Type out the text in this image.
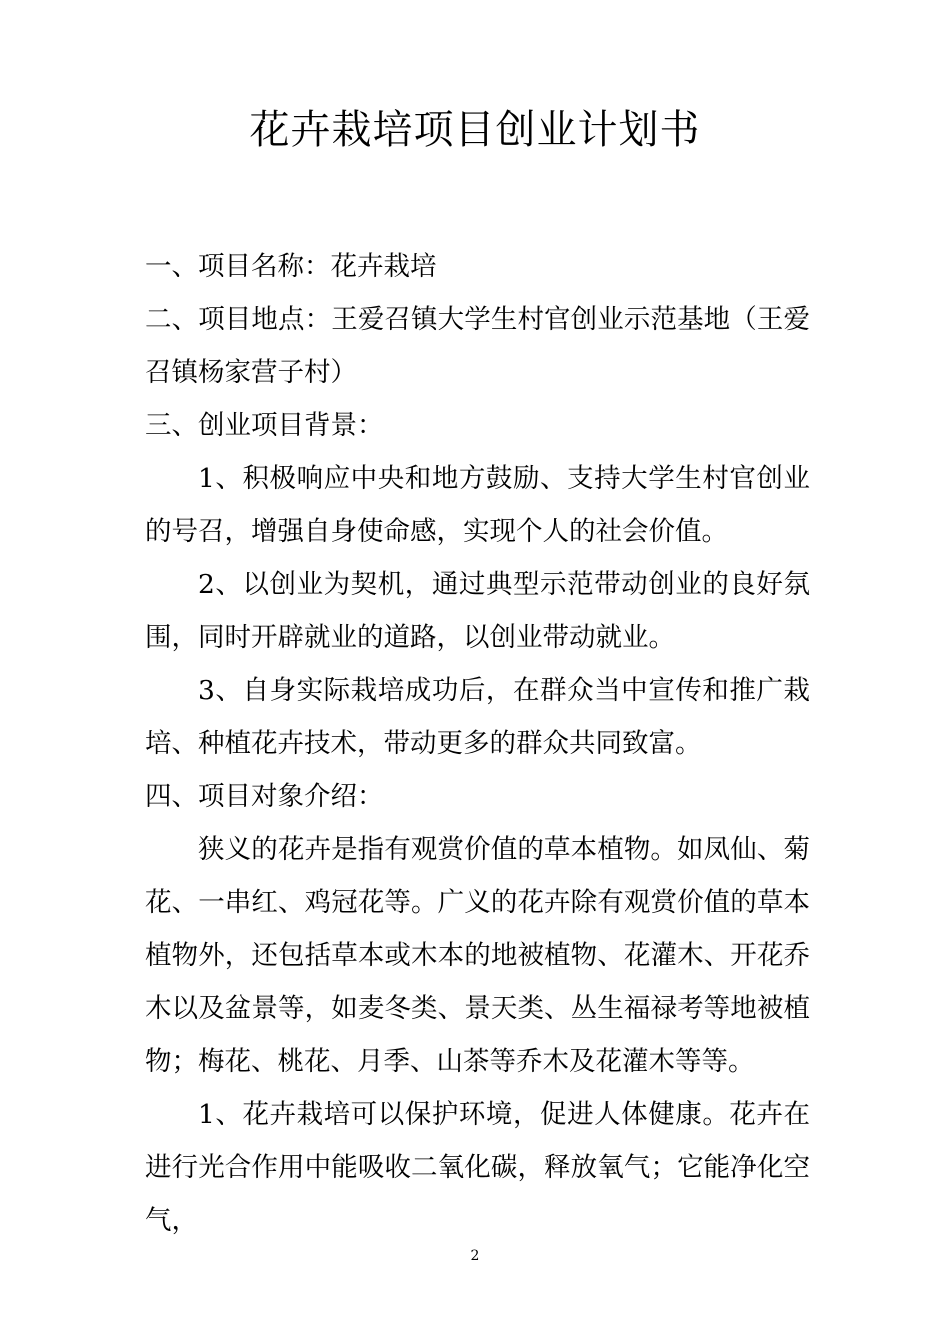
花卉栽培项目创业计划书

一、项目名称：花卉栽培

二、项目地点：王爱召镇大学生村官创业示范基地（王爱召镇杨家营子村）

三、创业项目背景：

1、积极响应中央和地方鼓励、支持大学生村官创业的号召，增强自身使命感，实现个人的社会价值。

2、以创业为契机，通过典型示范带动创业的良好氛围，同时开辟就业的道路，以创业带动就业。

3、自身实际栽培成功后，在群众当中宣传和推广栽培、种植花卉技术，带动更多的群众共同致富。

四、项目对象介绍：

狭义的花卉是指有观赏价值的草本植物。如凤仙、菊花、一串红、鸡冠花等。广义的花卉除有观赏价值的草本植物外，还包括草本或木本的地被植物、花灌木、开花乔木以及盆景等，如麦冬类、景天类、丛生福禄考等地被植物；梅花、桃花、月季、山茶等乔木及花灌木等等。

1、花卉栽培可以保护环境，促进人体健康。花卉在进行光合作用中能吸收二氧化碳，释放氧气；它能净化空气，

2
